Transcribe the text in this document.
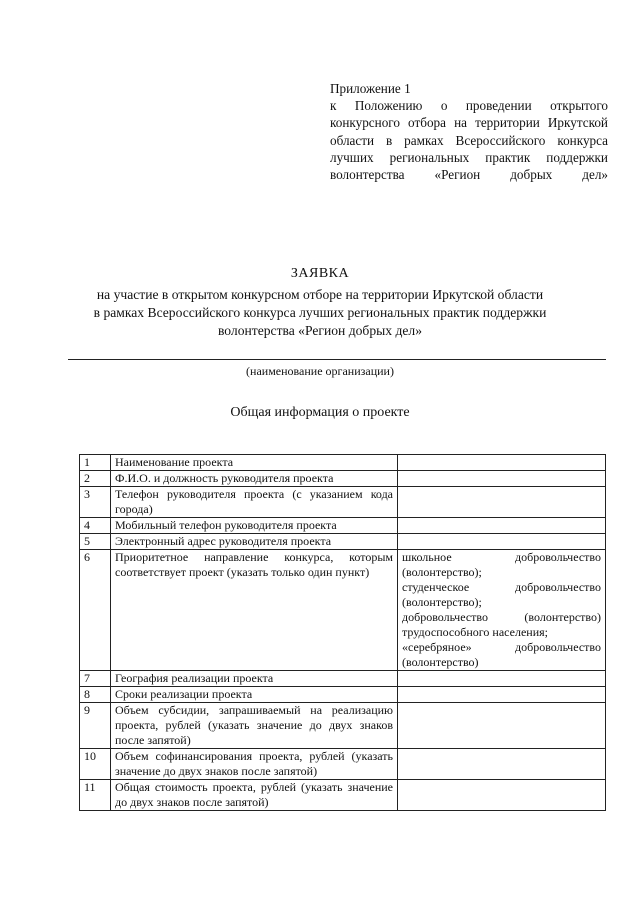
Приложение 1
к Положению о проведении открытого конкурсного отбора на территории Иркутской области в рамках Всероссийского конкурса лучших региональных практик поддержки волонтерства «Регион добрых дел»
ЗАЯВКА
на участие в открытом конкурсном отборе на территории Иркутской области
в рамках Всероссийского конкурса лучших региональных практик поддержки
волонтерства «Регион добрых дел»
(наименование организации)
Общая информация о проекте
1	Наименование проекта	
2	Ф.И.О. и должность руководителя проекта	
3	Телефон руководителя проекта (с указанием кода города)	
4	Мобильный телефон руководителя проекта	
5	Электронный адрес руководителя проекта	
6	Приоритетное направление конкурса, которым соответствует проект (указать только один пункт)	школьное добровольчество (волонтерство);
студенческое добровольчество (волонтерство);
добровольчество (волонтерство) трудоспособного населения;
«серебряное» добровольчество (волонтерство)

7	География реализации проекта	
8	Сроки реализации проекта	
9	Объем субсидии, запрашиваемый на реализацию проекта, рублей (указать значение до двух знаков после запятой)	
10	Объем софинансирования проекта, рублей (указать значение до двух знаков после запятой)	
11	Общая стоимость проекта, рублей (указать значение до двух знаков после запятой)	
